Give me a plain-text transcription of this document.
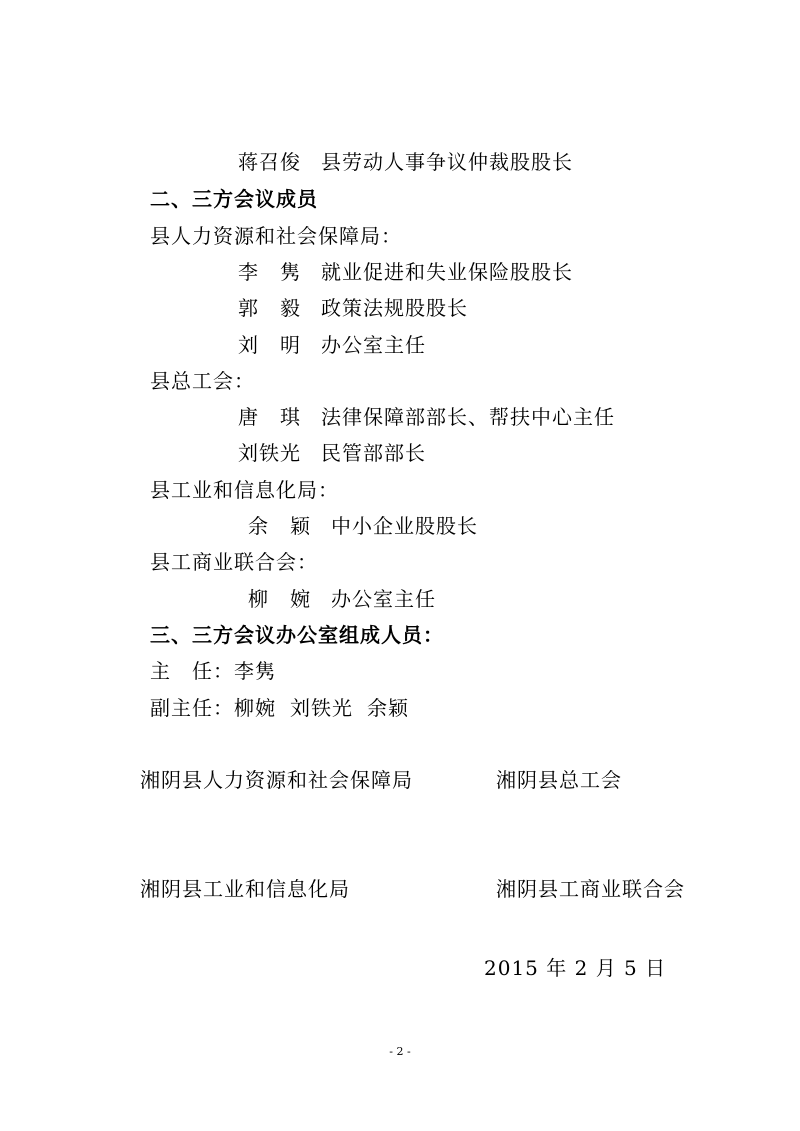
蒋召俊 县劳动人事争议仲裁股股长
二、三方会议成员
县人力资源和社会保障局：
李　隽 就业促进和失业保险股股长
郭　毅 政策法规股股长
刘　明 办公室主任
县总工会：
唐　琪 法律保障部部长、帮扶中心主任
刘铁光 民管部部长
县工业和信息化局：
余　颖 中小企业股股长
县工商业联合会：
柳　婉 办公室主任
三、三方会议办公室组成人员：
主　任：李隽
副主任：柳婉 刘铁光 余颖
湘阴县人力资源和社会保障局	湘阴县总工会
湘阴县工业和信息化局	湘阴县工商业联合会
2015 年 2 月 5 日
- 2 -
